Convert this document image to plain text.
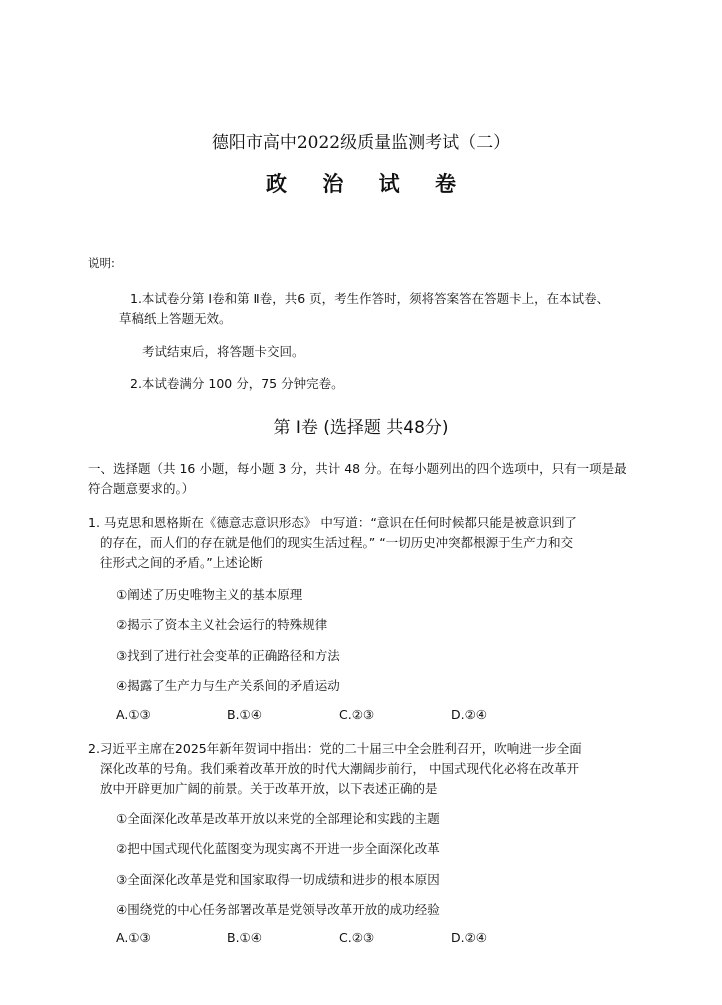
德阳市高中2022级质量监测考试（二）
政 治 试 卷
说明:
1.本试卷分第 Ⅰ卷和第 Ⅱ卷，共6 页，考生作答时，须将答案答在答题卡上，在本试卷、
草稿纸上答题无效。
考试结束后，将答题卡交回。
2.本试卷满分 100 分，75 分钟完卷。
第 Ⅰ卷 (选择题 共48分)
一、选择题（共 16 小题，每小题 3 分，共计 48 分。在每小题列出的四个选项中，只有一项是最
符合题意要求的。）
1. 马克思和恩格斯在《德意志意识形态》 中写道：“意识在任何时候都只能是被意识到了
的存在，而人们的存在就是他们的现实生活过程。” “一切历史冲突都根源于生产力和交
往形式之间的矛盾。”上述论断
①阐述了历史唯物主义的基本原理
②揭示了资本主义社会运行的特殊规律
③找到了进行社会变革的正确路径和方法
④揭露了生产力与生产关系间的矛盾运动
A.①③	B.①④	C.②③	D.②④
2.习近平主席在2025年新年贺词中指出：党的二十届三中全会胜利召开，吹响进一步全面
深化改革的号角。我们乘着改革开放的时代大潮阔步前行， 中国式现代化必将在改革开
放中开辟更加广阔的前景。关于改革开放，以下表述正确的是
①全面深化改革是改革开放以来党的全部理论和实践的主题
②把中国式现代化蓝图变为现实离不开进一步全面深化改革
③全面深化改革是党和国家取得一切成绩和进步的根本原因
④围绕党的中心任务部署改革是党领导改革开放的成功经验
A.①③	B.①④	C.②③	D.②④
